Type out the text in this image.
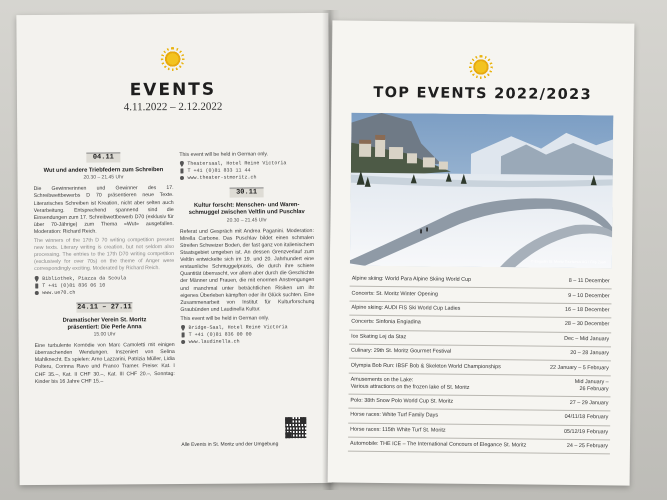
EVENTS
4.11.2022 – 2.12.2022
04.11
Wut und andere Triebfedern zum Schreiben
20.30 – 21.45 Uhr
Die Gewinnerinnen und Gewinner des 17. Schreibwettbewerbs D 70 präsentieren neue Texte. Literarisches Schreiben ist Kreation, nicht aber selten auch Verarbeitung. Entsprechend spannend sind die Einsendungen zum 17. Schreibwettbewerb D70 (exklusiv für über 70-Jährige) zum Thema «Wut» ausgefallen. Moderation: Richard Reich.
The winners of the 17th D 70 writing competition present new texts. Literary writing is creation, but not seldom also processing. The entries to the 17th D70 writing competition (exclusively for over 70s) on the theme of Anger were correspondingly exciting. Moderated by Richard Reich.
Bibliothek, Piazza da Scoula
T +41 (0)81 836 06 10
www.ue70.ch
24.11 – 27.11
Dramatischer Verein St. Moritz
präsentiert: Die Perle Anna
15.00 Uhr
Eine turbulente Komödie von Marc Camoletti mit einigen überraschenden Wendungen. Inszeniert von Selina Mahlknecht. Es spielen: Arno Lazzarini, Patrizia Müller, Lidia Polteru, Corinna Ravo und Franco Tramer. Preise: Kat. I CHF 35.–, Kat. II CHF 30.–, Kat. III CHF 20.–, Sonntag: Kinder bis 16 Jahre CHF 15.–
This event will be held in German only.
Theatersaal, Hotel Reine Victoria
T +41 (0)81 833 11 44
www.theater-stmoritz.ch
30.11
Kultur forscht: Menschen- und Waren-
schmuggel zwischen Veltlin und Puschlav
20.30 – 21.45 Uhr
Referat und Gespräch mit Andrea Paganini. Moderation: Mirella Carbone. Das Puschlav bildet einen schmalen Streifen Schweizer Boden, der fast ganz von italienischem Staatsgebiet umgeben ist. An dessen Grenzverlauf zum Veltlin entwickelte sich im 19. und 20. Jahrhundert eine erstaunliche Schmuggelpraxis, die durch ihre schiere Quantität überrascht, vor allem aber durch die Geschichte der Männer und Frauen, die mit enormen Anstrengungen und manchmal unter beträchtlichen Risiken um ihr eigenes Überleben kämpften oder ihr Glück suchten. Eine Zusammenarbeit von Institut für Kulturforschung Graubünden und Laudinella Kultur.
This event will be held in German only.
Bridge-Saal, Hotel Reine Victoria
T +41 (0)81 836 00 00
www.laudinella.ch
Alle Events in St. Moritz und der Umgebung
TOP EVENTS 2022/2023
© Engadin St. Moritz Tourismus AG / Filip Zuan
Alpine skiing: World Para Alpine Skiing World Cup	8 – 11 December
Concerts: St. Moritz Winter Opening	9 – 10 December
Alpine skiing: AUDI FIS Ski World Cup Ladies	16 – 18 December
Concerts: Sinfonia Engiadina	28 – 30 December
Ice Skating Lej da Staz	Dec – Mid January
Culinary: 29th St. Moritz Gourmet Festival	20 – 28 January
Olympia Bob Run: IBSF Bob & Skeleton World Championships	22 January – 5 February
Amusements on the Lake:
Various attractions on the frozen lake of St. Moritz
Mid January –
26 February
Polo: 38th Snow Polo World Cup St. Moritz	27 – 29 January
Horse races: White Turf Family Days	04/11/18 February
Horse races: 115th White Turf St. Moritz	05/12/19 February
Automobile: THE ICE – The International Concours of Elegance St. Moritz	24 – 25 February
